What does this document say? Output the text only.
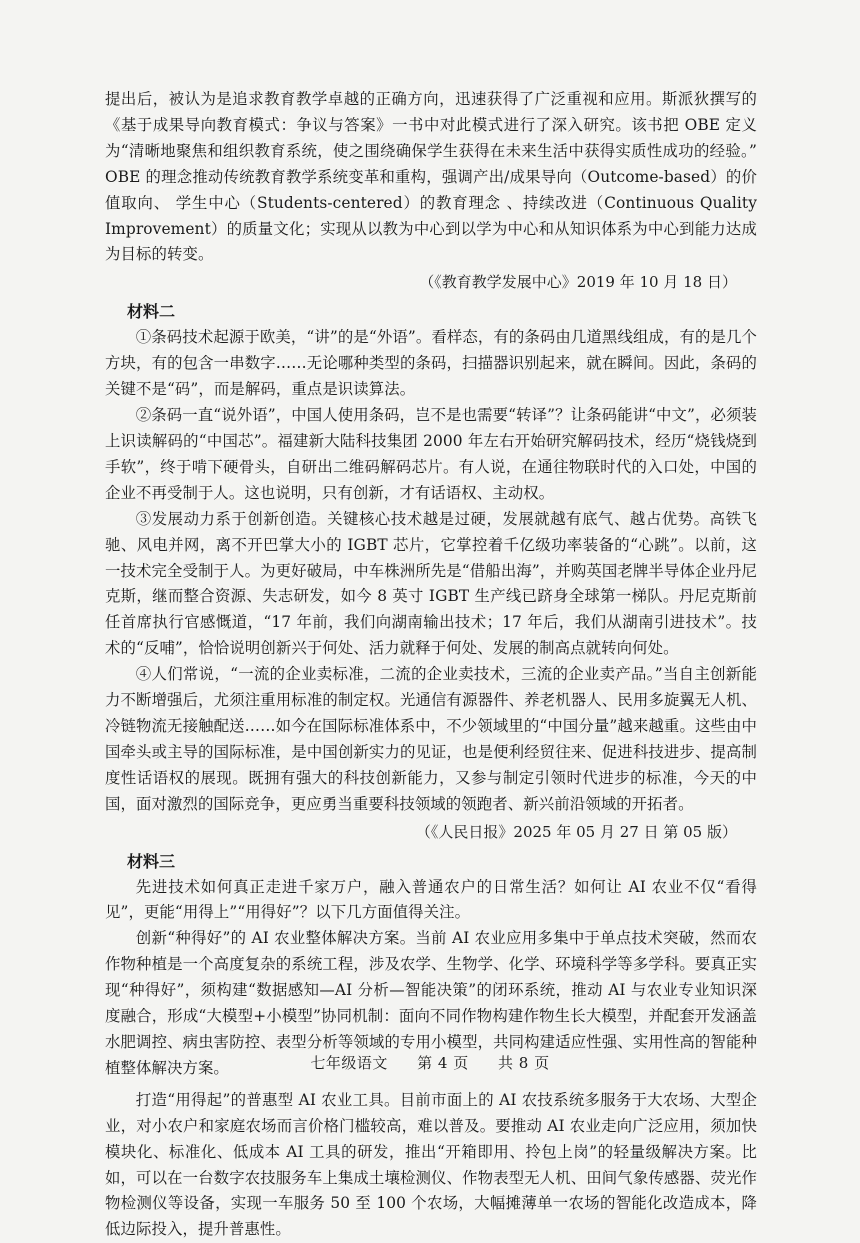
提出后，被认为是追求教育教学卓越的正确方向，迅速获得了广泛重视和应用。斯派狄撰写的《基于成果导向教育模式：争议与答案》一书中对此模式进行了深入研究。该书把 OBE 定义为“清晰地聚焦和组织教育系统，使之围绕确保学生获得在未来生活中获得实质性成功的经验。” OBE 的理念推动传统教育教学系统变革和重构，强调产出/成果导向（Outcome-based）的价值取向、 学生中心（Students-centered）的教育理念 、持续改进（Continuous Quality Improvement）的质量文化；实现从以教为中心到以学为中心和从知识体系为中心到能力达成为目标的转变。

（《教育教学发展中心》2019 年 10 月 18 日）

材料二

①条码技术起源于欧美，“讲”的是“外语”。看样态，有的条码由几道黑线组成，有的是几个方块，有的包含一串数字……无论哪种类型的条码，扫描器识别起来，就在瞬间。因此，条码的关键不是“码”，而是解码，重点是识读算法。

②条码一直“说外语”，中国人使用条码，岂不是也需要“转译”？让条码能讲“中文”，必须装上识读解码的“中国芯”。福建新大陆科技集团 2000 年左右开始研究解码技术，经历“烧钱烧到手软”，终于啃下硬骨头，自研出二维码解码芯片。有人说，在通往物联时代的入口处，中国的企业不再受制于人。这也说明，只有创新，才有话语权、主动权。

③发展动力系于创新创造。关键核心技术越是过硬，发展就越有底气、越占优势。高铁飞驰、风电并网，离不开巴掌大小的 IGBT 芯片，它掌控着千亿级功率装备的“心跳”。以前，这一技术完全受制于人。为更好破局，中车株洲所先是“借船出海”，并购英国老牌半导体企业丹尼克斯，继而整合资源、失志研发，如今 8 英寸 IGBT 生产线已跻身全球第一梯队。丹尼克斯前任首席执行官感慨道，“17 年前，我们向湖南输出技术；17 年后，我们从湖南引进技术”。技术的“反哺”，恰恰说明创新兴于何处、活力就释于何处、发展的制高点就转向何处。

④人们常说，“一流的企业卖标准，二流的企业卖技术，三流的企业卖产品。”当自主创新能力不断增强后，尤须注重用标准的制定权。光通信有源器件、养老机器人、民用多旋翼无人机、冷链物流无接触配送……如今在国际标准体系中，不少领域里的“中国分量”越来越重。这些由中国牵头或主导的国际标准，是中国创新实力的见证，也是便利经贸往来、促进科技进步、提高制度性话语权的展现。既拥有强大的科技创新能力，又参与制定引领时代进步的标准，今天的中国，面对激烈的国际竞争，更应勇当重要科技领域的领跑者、新兴前沿领域的开拓者。

（《人民日报》2025 年 05 月 27 日 第 05 版）

材料三

先进技术如何真正走进千家万户，融入普通农户的日常生活？如何让 AI 农业不仅“看得见”，更能“用得上”“用得好”？以下几方面值得关注。

创新“种得好”的 AI 农业整体解决方案。当前 AI 农业应用多集中于单点技术突破，然而农作物种植是一个高度复杂的系统工程，涉及农学、生物学、化学、环境科学等多学科。要真正实现“种得好”，须构建“数据感知—AI 分析—智能决策”的闭环系统，推动 AI 与农业专业知识深度融合，形成“大模型+小模型”协同机制：面向不同作物构建作物生长大模型，并配套开发涵盖水肥调控、病虫害防控、表型分析等领域的专用小模型，共同构建适应性强、实用性高的智能种植整体解决方案。

打造“用得起”的普惠型 AI 农业工具。目前市面上的 AI 农技系统多服务于大农场、大型企业，对小农户和家庭农场而言价格门槛较高，难以普及。要推动 AI 农业走向广泛应用，须加快模块化、标准化、低成本 AI 工具的研发，推出“开箱即用、拎包上岗”的轻量级解决方案。比如，可以在一台数字农技服务车上集成土壤检测仪、作物表型无人机、田间气象传感器、荧光作物检测仪等设备，实现一车服务 50 至 100 个农场，大幅摊薄单一农场的智能化改造成本，降低边际投入，提升普惠性。

七年级语文 第 4 页 共 8 页
